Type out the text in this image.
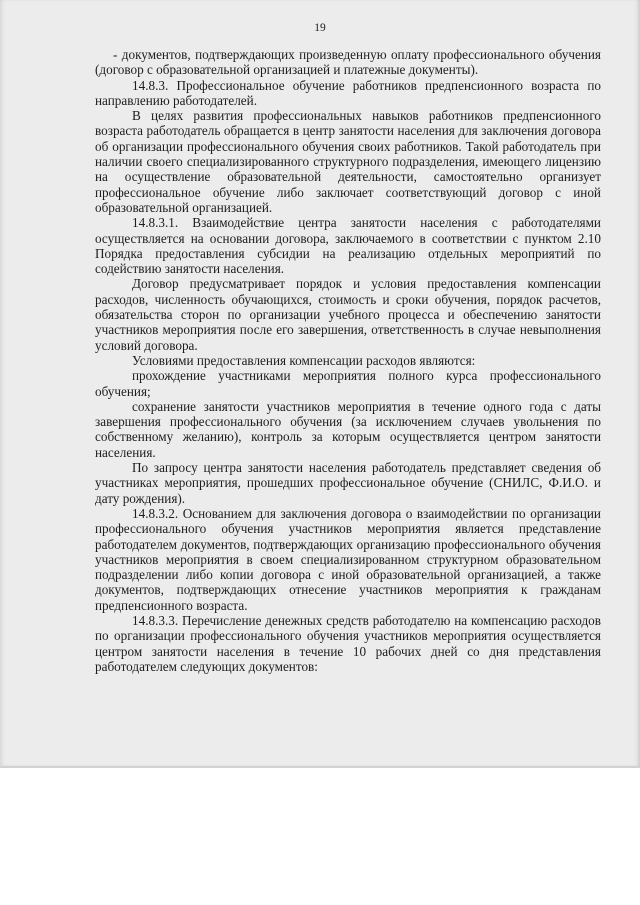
19

- документов, подтверждающих произведенную оплату профессионального обучения (договор с образовательной организацией и платежные документы).

14.8.3. Профессиональное обучение работников предпенсионного возраста по направлению работодателей.

В целях развития профессиональных навыков работников предпенсионного возраста работодатель обращается в центр занятости населения для заключения договора об организации профессионального обучения своих работников. Такой работодатель при наличии своего специализированного структурного подразделения, имеющего лицензию на осуществление образовательной деятельности, самостоятельно организует профессиональное обучение либо заключает соответствующий договор с иной образовательной организацией.

14.8.3.1. Взаимодействие центра занятости населения с работодателями осуществляется на основании договора, заключаемого в соответствии с пунктом 2.10 Порядка предоставления субсидии на реализацию отдельных мероприятий по содействию занятости населения.

Договор предусматривает порядок и условия предоставления компенсации расходов, численность обучающихся, стоимость и сроки обучения, порядок расчетов, обязательства сторон по организации учебного процесса и обеспечению занятости участников мероприятия после его завершения, ответственность в случае невыполнения условий договора.

Условиями предоставления компенсации расходов являются:

прохождение участниками мероприятия полного курса профессионального обучения;

сохранение занятости участников мероприятия в течение одного года с даты завершения профессионального обучения (за исключением случаев увольнения по собственному желанию), контроль за которым осуществляется центром занятости населения.

По запросу центра занятости населения работодатель представляет сведения об участниках мероприятия, прошедших профессиональное обучение (СНИЛС, Ф.И.О. и дату рождения).

14.8.3.2. Основанием для заключения договора о взаимодействии по организации профессионального обучения участников мероприятия является представление работодателем документов, подтверждающих организацию профессионального обучения участников мероприятия в своем специализированном структурном образовательном подразделении либо копии договора с иной образовательной организацией, а также документов, подтверждающих отнесение участников мероприятия к гражданам предпенсионного возраста.

14.8.3.3. Перечисление денежных средств работодателю на компенсацию расходов по организации профессионального обучения участников мероприятия осуществляется центром занятости населения в течение 10 рабочих дней со дня представления работодателем следующих документов:
